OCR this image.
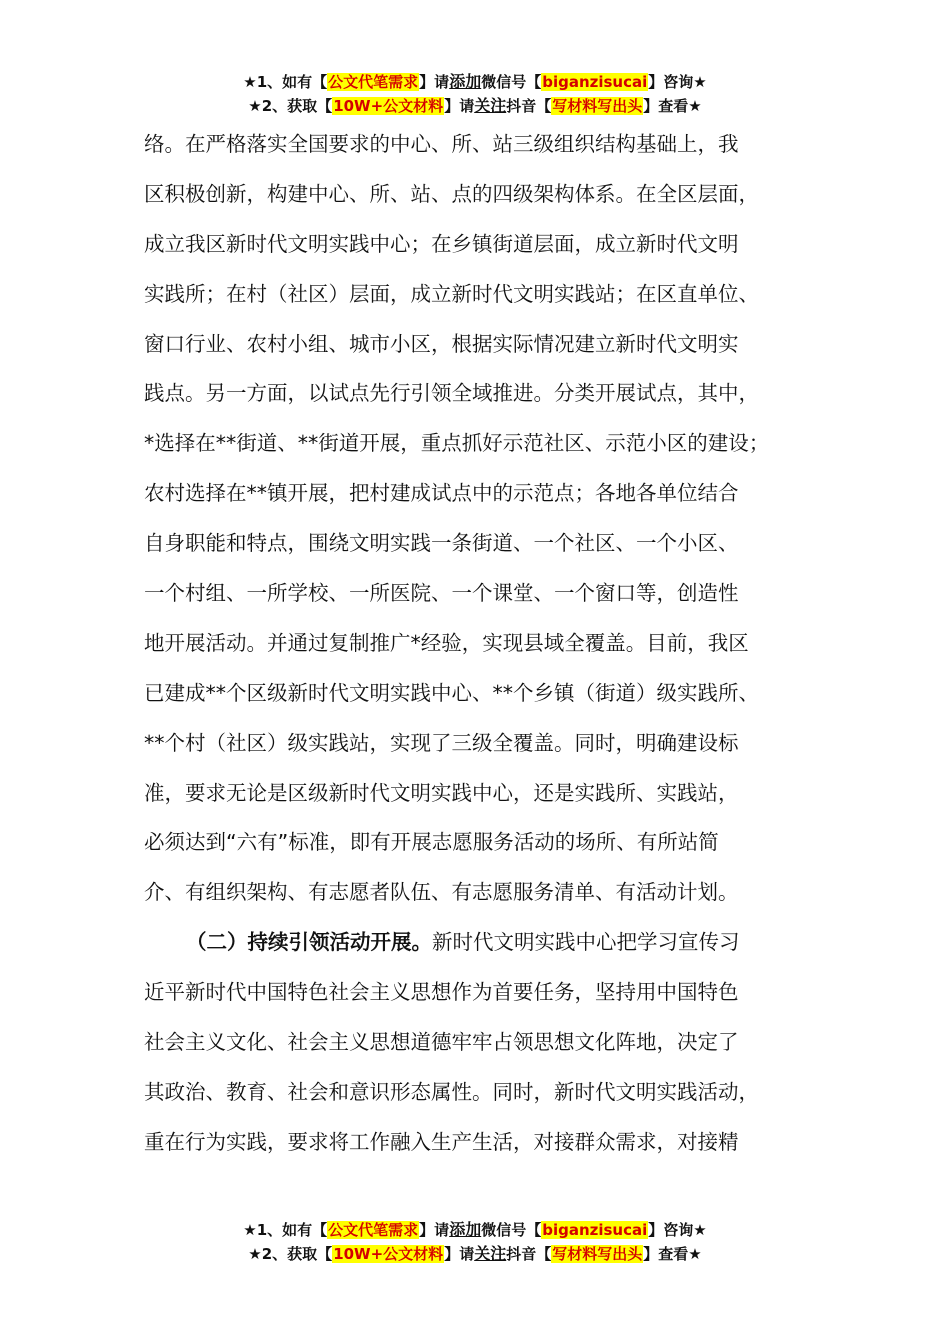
★1、如有【公文代笔需求】请添加微信号【biganzisucai】咨询★
★2、获取【10W+公文材料】请关注抖音【写材料写出头】查看★
络。在严格落实全国要求的中心、所、站三级组织结构基础上，我
区积极创新，构建中心、所、站、点的四级架构体系。在全区层面，
成立我区新时代文明实践中心；在乡镇街道层面，成立新时代文明
实践所；在村（社区）层面，成立新时代文明实践站；在区直单位、
窗口行业、农村小组、城市小区，根据实际情况建立新时代文明实
践点。另一方面，以试点先行引领全域推进。分类开展试点，其中，
*选择在**街道、**街道开展，重点抓好示范社区、示范小区的建设；
农村选择在**镇开展，把村建成试点中的示范点；各地各单位结合
自身职能和特点，围绕文明实践一条街道、一个社区、一个小区、
一个村组、一所学校、一所医院、一个课堂、一个窗口等，创造性
地开展活动。并通过复制推广*经验，实现县域全覆盖。目前，我区
已建成**个区级新时代文明实践中心、**个乡镇（街道）级实践所、
**个村（社区）级实践站，实现了三级全覆盖。同时，明确建设标
准，要求无论是区级新时代文明实践中心，还是实践所、实践站，
必须达到“六有”标准，即有开展志愿服务活动的场所、有所站简
介、有组织架构、有志愿者队伍、有志愿服务清单、有活动计划。
（二）持续引领活动开展。新时代文明实践中心把学习宣传习
近平新时代中国特色社会主义思想作为首要任务，坚持用中国特色
社会主义文化、社会主义思想道德牢牢占领思想文化阵地，决定了
其政治、教育、社会和意识形态属性。同时，新时代文明实践活动，
重在行为实践，要求将工作融入生产生活，对接群众需求，对接精
★1、如有【公文代笔需求】请添加微信号【biganzisucai】咨询★
★2、获取【10W+公文材料】请关注抖音【写材料写出头】查看★
